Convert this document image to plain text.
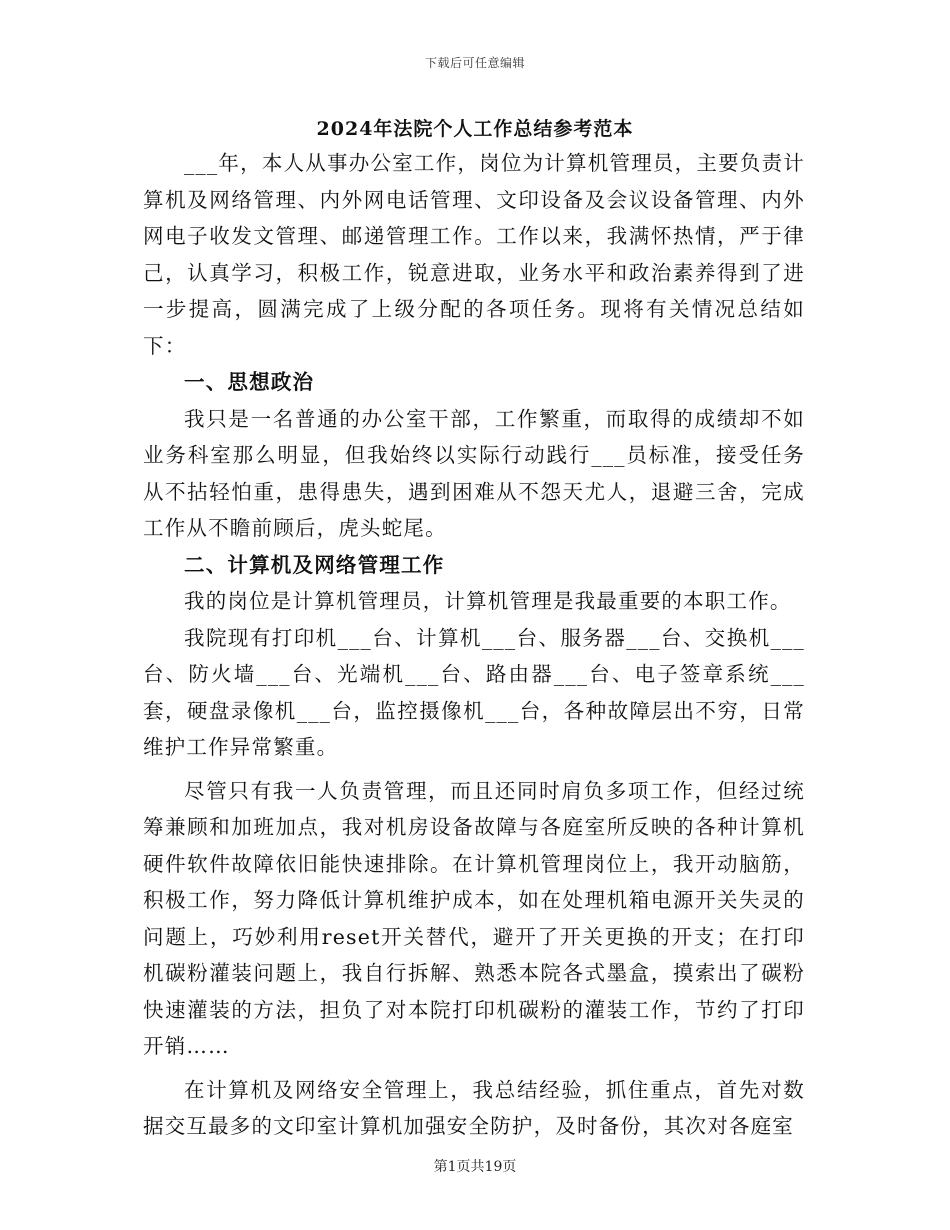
下载后可任意编辑
2024年法院个人工作总结参考范本

___年，本人从事办公室工作，岗位为计算机管理员，主要负责计算机及网络管理、内外网电话管理、文印设备及会议设备管理、内外网电子收发文管理、邮递管理工作。工作以来，我满怀热情，严于律己，认真学习，积极工作，锐意进取，业务水平和政治素养得到了进一步提高，圆满完成了上级分配的各项任务。现将有关情况总结如下：

一、思想政治

我只是一名普通的办公室干部，工作繁重，而取得的成绩却不如业务科室那么明显，但我始终以实际行动践行___员标准，接受任务从不拈轻怕重，患得患失，遇到困难从不怨天尤人，退避三舍，完成工作从不瞻前顾后，虎头蛇尾。

二、计算机及网络管理工作

我的岗位是计算机管理员，计算机管理是我最重要的本职工作。

我院现有打印机___台、计算机___台、服务器___台、交换机___台、防火墙___台、光端机___台、路由器___台、电子签章系统___套，硬盘录像机___台，监控摄像机___台，各种故障层出不穷，日常维护工作异常繁重。

尽管只有我一人负责管理，而且还同时肩负多项工作，但经过统筹兼顾和加班加点，我对机房设备故障与各庭室所反映的各种计算机硬件软件故障依旧能快速排除。在计算机管理岗位上，我开动脑筋，积极工作，努力降低计算机维护成本，如在处理机箱电源开关失灵的问题上，巧妙利用reset开关替代，避开了开关更换的开支；在打印机碳粉灌装问题上，我自行拆解、熟悉本院各式墨盒，摸索出了碳粉快速灌装的方法，担负了对本院打印机碳粉的灌装工作，节约了打印开销……

在计算机及网络安全管理上，我总结经验，抓住重点，首先对数据交互最多的文印室计算机加强安全防护，及时备份，其次对各庭室

第1页共19页
